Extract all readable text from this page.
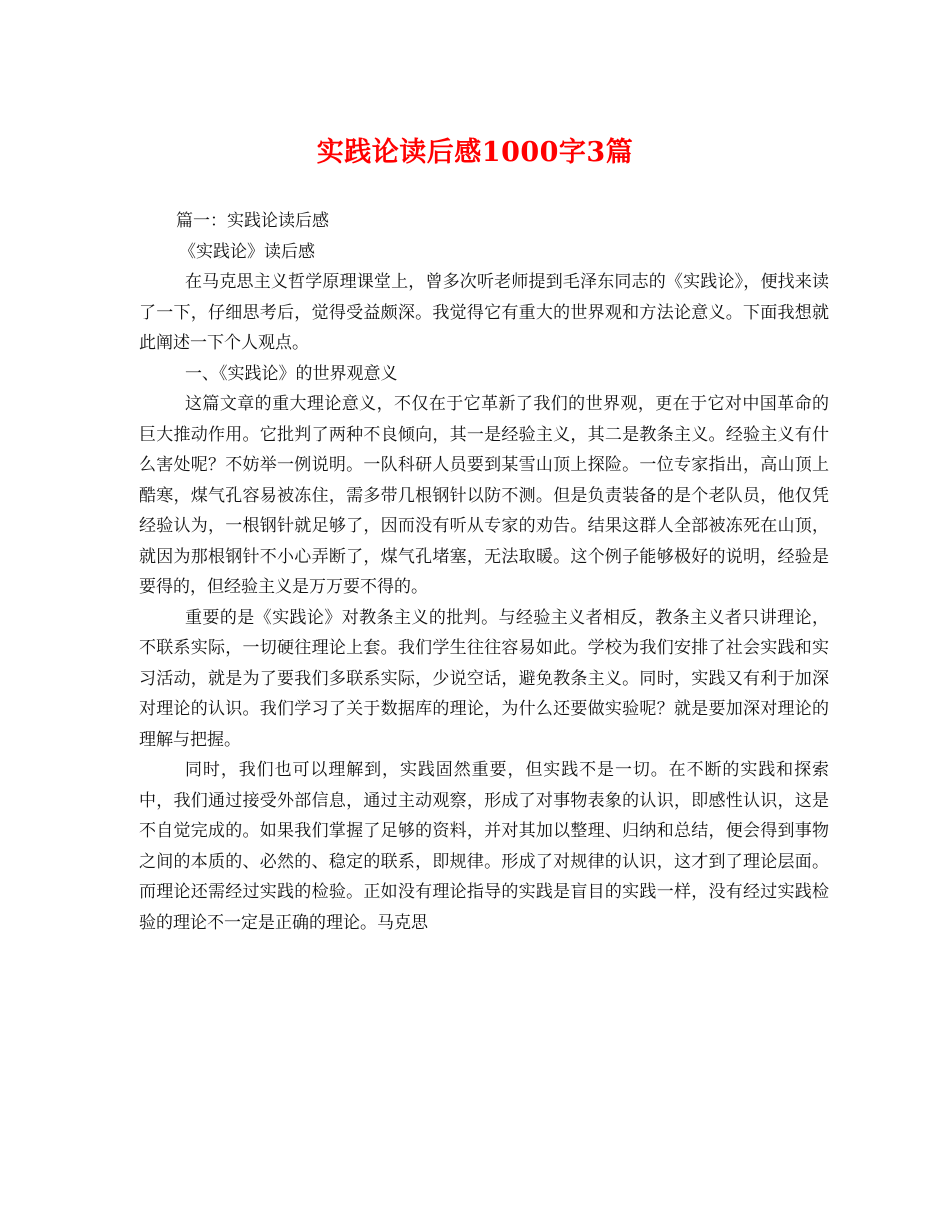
实践论读后感1000字3篇

篇一：实践论读后感

《实践论》读后感

在马克思主义哲学原理课堂上，曾多次听老师提到毛泽东同志的《实践论》，便找来读了一下，仔细思考后，觉得受益颇深。我觉得它有重大的世界观和方法论意义。下面我想就此阐述一下个人观点。

一、《实践论》的世界观意义

这篇文章的重大理论意义，不仅在于它革新了我们的世界观，更在于它对中国革命的巨大推动作用。它批判了两种不良倾向，其一是经验主义，其二是教条主义。经验主义有什么害处呢？不妨举一例说明。一队科研人员要到某雪山顶上探险。一位专家指出，高山顶上酷寒，煤气孔容易被冻住，需多带几根钢针以防不测。但是负责装备的是个老队员，他仅凭经验认为，一根钢针就足够了，因而没有听从专家的劝告。结果这群人全部被冻死在山顶，就因为那根钢针不小心弄断了，煤气孔堵塞，无法取暖。这个例子能够极好的说明，经验是要得的，但经验主义是万万要不得的。

重要的是《实践论》对教条主义的批判。与经验主义者相反，教条主义者只讲理论，不联系实际，一切硬往理论上套。我们学生往往容易如此。学校为我们安排了社会实践和实习活动，就是为了要我们多联系实际，少说空话，避免教条主义。同时，实践又有利于加深对理论的认识。我们学习了关于数据库的理论，为什么还要做实验呢？就是要加深对理论的理解与把握。

同时，我们也可以理解到，实践固然重要，但实践不是一切。在不断的实践和探索中，我们通过接受外部信息，通过主动观察，形成了对事物表象的认识，即感性认识，这是不自觉完成的。如果我们掌握了足够的资料，并对其加以整理、归纳和总结，便会得到事物之间的本质的、必然的、稳定的联系，即规律。形成了对规律的认识，这才到了理论层面。而理论还需经过实践的检验。正如没有理论指导的实践是盲目的实践一样，没有经过实践检验的理论不一定是正确的理论。马克思
